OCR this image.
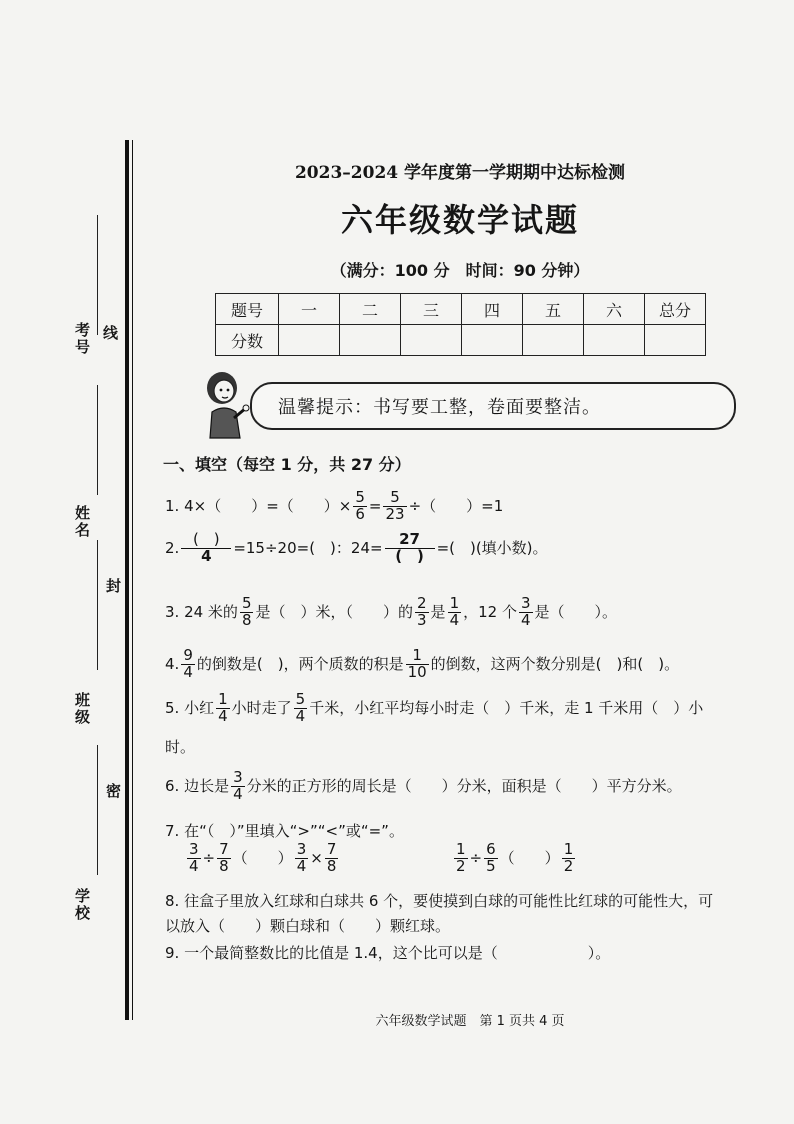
考号 线
姓名
封
班级
密
学校
2023–2024 学年度第一学期期中达标检测
六年级数学试题
（满分：100 分　时间：90 分钟）
题号	一	二	三	四	五	六	总分
分数							
温馨提示：书写要工整，卷面要整洁。
一、填空（每空 1 分，共 27 分）
1. 4×（　　）=（　　）× $\frac{5}{6} = \frac{5}{23}$ ÷（　　）=1
2. $\frac{( )}{4} =15\div 20=$(　)：$24= \frac{27}{( )}$ =(　)(填小数)。
3. 24 米的 $\frac{5}{8}$ 是（　）米，（　　）的 $\frac{2}{3}$ 是 $\frac{1}{4}$ ，12 个 $\frac{3}{4}$ 是（　　）。
4. $\frac{9}{4}$ 的倒数是(　)，两个质数的积是 $\frac{1}{10}$ 的倒数，这两个数分别是(　)和(　)。
5. 小红 $\frac{1}{4}$ 小时走了 $\frac{5}{4}$ 千米，小红平均每小时走（　）千米，走 1 千米用（　）小
时。
6. 边长是 $\frac{3}{4}$ 分米的正方形的周长是（　　）分米，面积是（　　）平方分米。
7. 在“（　）”里填入“>”“<”或“=”。
$\frac{3}{4} \div \frac{7}{8}$ （　　） $\frac{3}{4} \times \frac{7}{8}$	$\frac{1}{2} \div \frac{6}{5}$ （　　） $\frac{1}{2}$
8. 往盒子里放入红球和白球共 6 个，要使摸到白球的可能性比红球的可能性大，可
以放入（　　）颗白球和（　　）颗红球。
9. 一个最简整数比的比值是 1.4，这个比可以是（　　　　　　）。
六年级数学试题　第 1 页共 4 页
